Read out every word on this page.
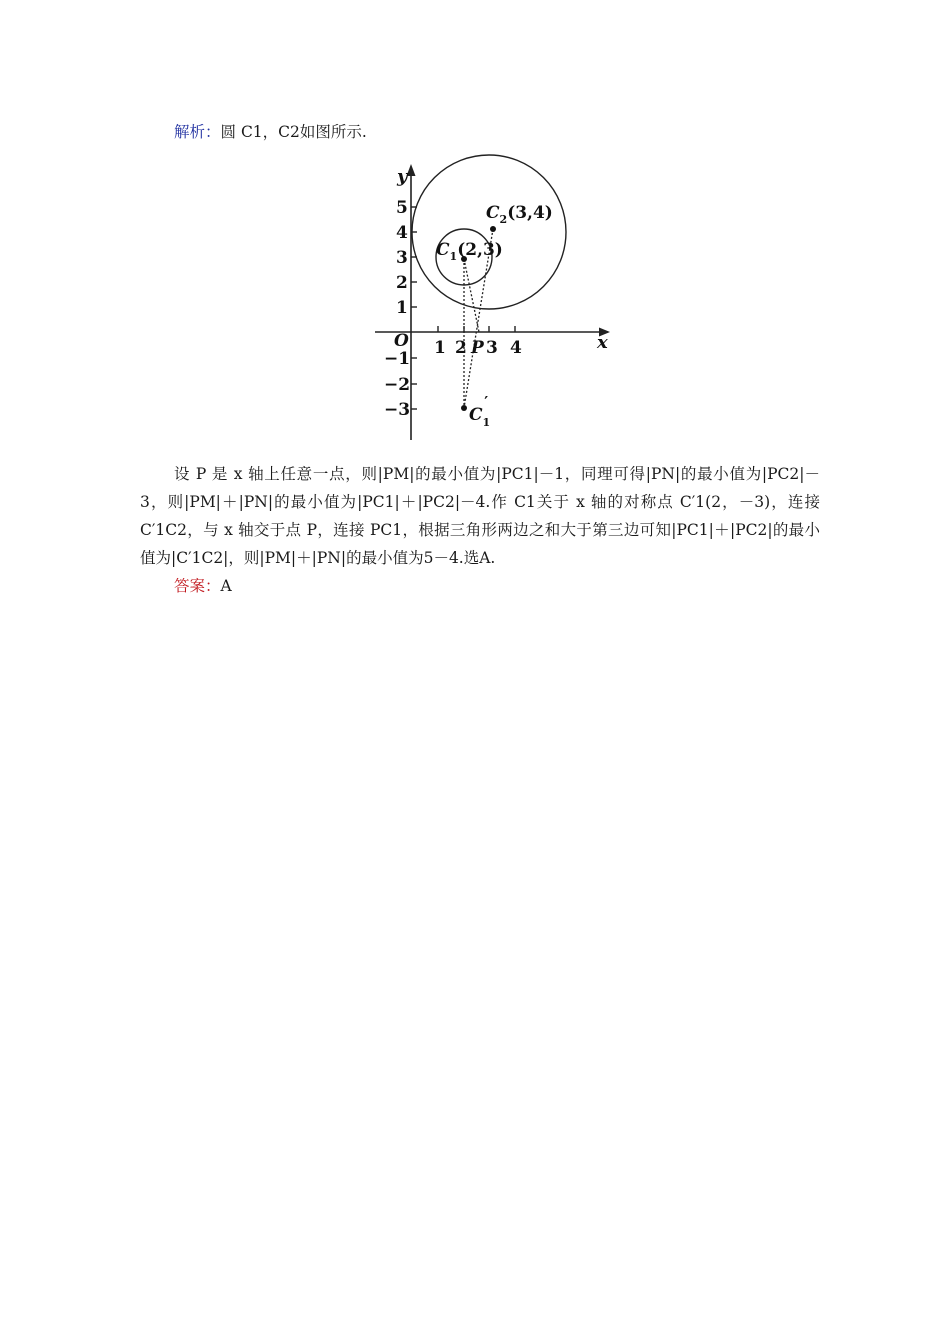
解析：圆 C1，C2如图所示.
y
x
O 1 2 P 3 4
5
4
3
2
1
−1
−2
−3
$C_2(3,4)$
$C_1(2,3)$
$C_1'$
设 P 是 x 轴上任意一点，则|PM|的最小值为|PC1|－1，同理可得|PN|的最小值为|PC2|－3，则|PM|＋|PN|的最小值为|PC1|＋|PC2|－4.作 C1关于 x 轴的对称点 C′1(2，－3)，连接 C′1C2，与 x 轴交于点 P，连接 PC1，根据三角形两边之和大于第三边可知|PC1|＋|PC2|的最小值为|C′1C2|，则|PM|＋|PN|的最小值为5－4.选A.
答案：A
